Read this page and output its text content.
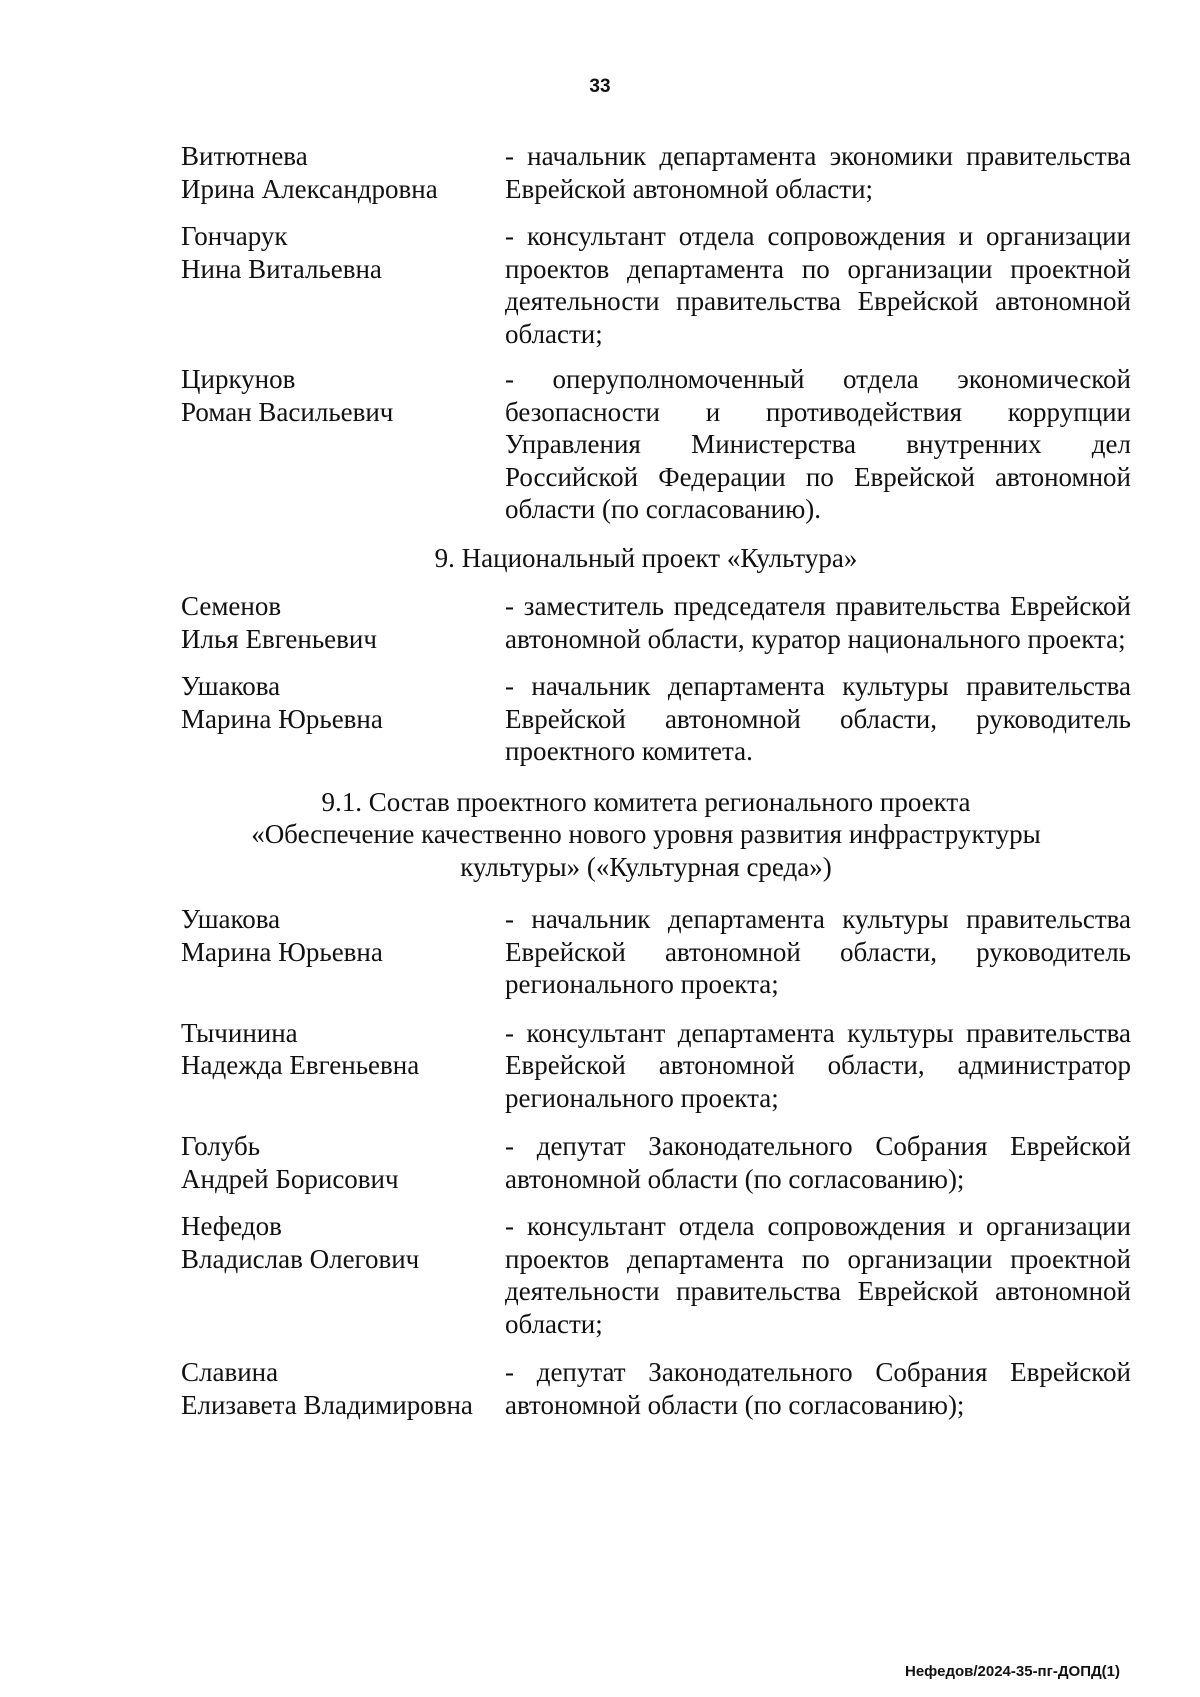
33
Витютнева
Ирина Александровна
- начальник департамента экономики правительства Еврейской автономной области;
Гончарук
Нина Витальевна
- консультант отдела сопровождения и организации проектов департамента по организации проектной деятельности правительства Еврейской автономной области;
Циркунов
Роман Васильевич
- оперуполномоченный отдела экономической безопасности и противодействия коррупции Управления Министерства внутренних дел Российской Федерации по Еврейской автономной области (по согласованию).
9. Национальный проект «Культура»
Семенов
Илья Евгеньевич
- заместитель председателя правительства Еврейской автономной области, куратор национального проекта;
Ушакова
Марина Юрьевна
- начальник департамента культуры правительства Еврейской автономной области, руководитель проектного комитета.
9.1. Состав проектного комитета регионального проекта
«Обеспечение качественно нового уровня развития инфраструктуры
культуры» («Культурная среда»)
Ушакова
Марина Юрьевна
- начальник департамента культуры правительства Еврейской автономной области, руководитель регионального проекта;
Тычинина
Надежда Евгеньевна
- консультант департамента культуры правительства Еврейской автономной области, администратор регионального проекта;
Голубь
Андрей Борисович
- депутат Законодательного Собрания Еврейской автономной области (по согласованию);
Нефедов
Владислав Олегович
- консультант отдела сопровождения и организации проектов департамента по организации проектной деятельности правительства Еврейской автономной области;
Славина
Елизавета Владимировна
- депутат Законодательного Собрания Еврейской автономной области (по согласованию);
Нефедов/2024-35-пг-ДОПД(1)
